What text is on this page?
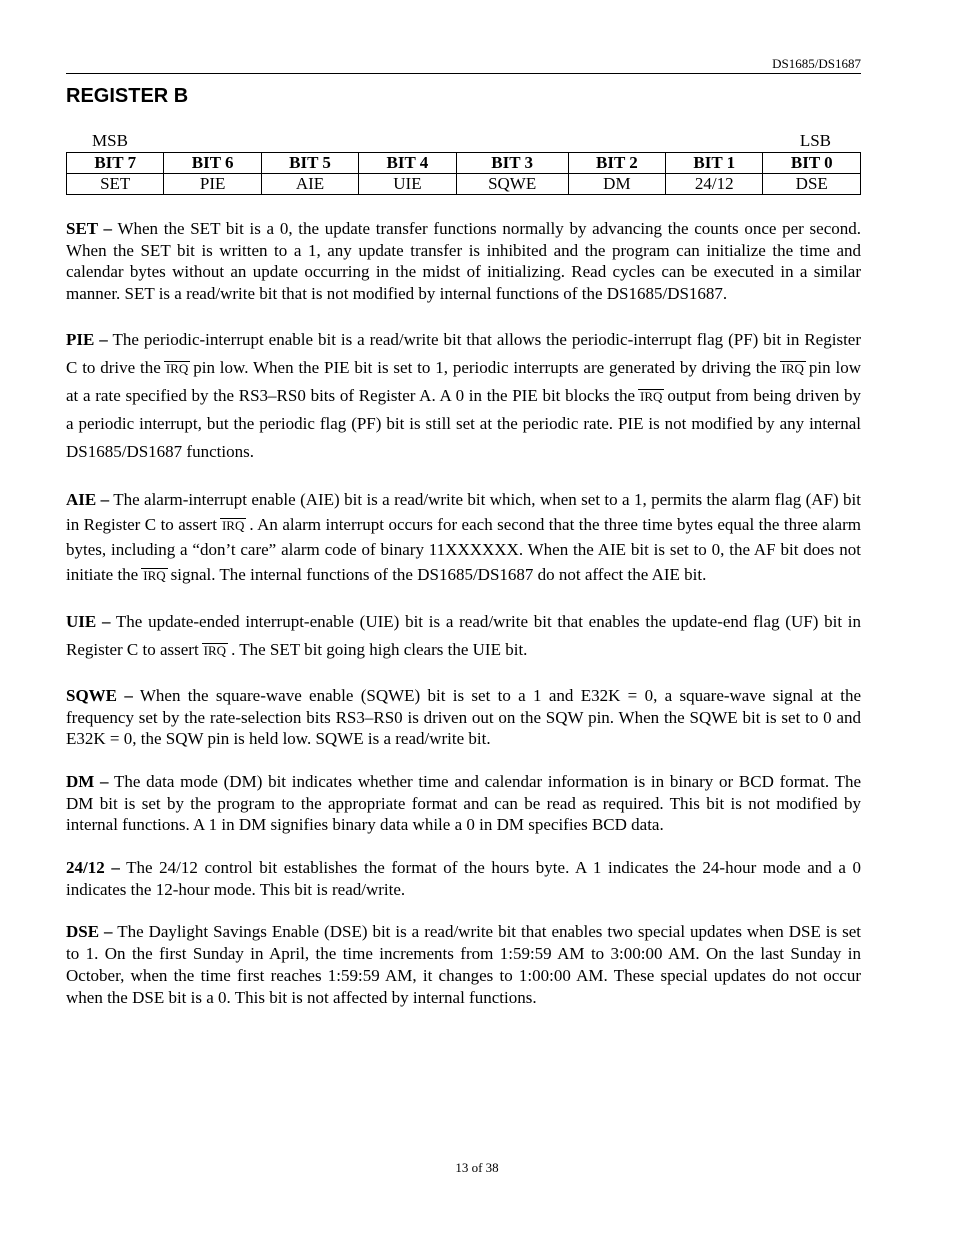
DS1685/DS1687
REGISTER B
MSB	LSB
BIT 7	BIT 6	BIT 5	BIT 4	BIT 3	BIT 2	BIT 1	BIT 0
SET	PIE	AIE	UIE	SQWE	DM	24/12	DSE

SET – When the SET bit is a 0, the update transfer functions normally by advancing the counts once per second. When the SET bit is written to a 1, any update transfer is inhibited and the program can initialize the time and calendar bytes without an update occurring in the midst of initializing. Read cycles can be executed in a similar manner. SET is a read/write bit that is not modified by internal functions of the DS1685/DS1687.

PIE – The periodic-interrupt enable bit is a read/write bit that allows the periodic-interrupt flag (PF) bit in Register C to drive the IRQ pin low. When the PIE bit is set to 1, periodic interrupts are generated by driving the IRQ pin low at a rate specified by the RS3–RS0 bits of Register A. A 0 in the PIE bit blocks the IRQ output from being driven by a periodic interrupt, but the periodic flag (PF) bit is still set at the periodic rate. PIE is not modified by any internal DS1685/DS1687 functions.

AIE – The alarm-interrupt enable (AIE) bit is a read/write bit which, when set to a 1, permits the alarm flag (AF) bit in Register C to assert IRQ . An alarm interrupt occurs for each second that the three time bytes equal the three alarm bytes, including a “don’t care” alarm code of binary 11XXXXXX. When the AIE bit is set to 0, the AF bit does not initiate the IRQ signal. The internal functions of the DS1685/DS1687 do not affect the AIE bit.

UIE – The update-ended interrupt-enable (UIE) bit is a read/write bit that enables the update-end flag (UF) bit in Register C to assert IRQ . The SET bit going high clears the UIE bit.

SQWE – When the square-wave enable (SQWE) bit is set to a 1 and E32K = 0, a square-wave signal at the frequency set by the rate-selection bits RS3–RS0 is driven out on the SQW pin. When the SQWE bit is set to 0 and E32K = 0, the SQW pin is held low. SQWE is a read/write bit.

DM – The data mode (DM) bit indicates whether time and calendar information is in binary or BCD format. The DM bit is set by the program to the appropriate format and can be read as required. This bit is not modified by internal functions. A 1 in DM signifies binary data while a 0 in DM specifies BCD data.

24/12 – The 24/12 control bit establishes the format of the hours byte. A 1 indicates the 24-hour mode and a 0 indicates the 12-hour mode. This bit is read/write.

DSE – The Daylight Savings Enable (DSE) bit is a read/write bit that enables two special updates when DSE is set to 1. On the first Sunday in April, the time increments from 1:59:59 AM to 3:00:00 AM. On the last Sunday in October, when the time first reaches 1:59:59 AM, it changes to 1:00:00 AM. These special updates do not occur when the DSE bit is a 0. This bit is not affected by internal functions.

13 of 38
